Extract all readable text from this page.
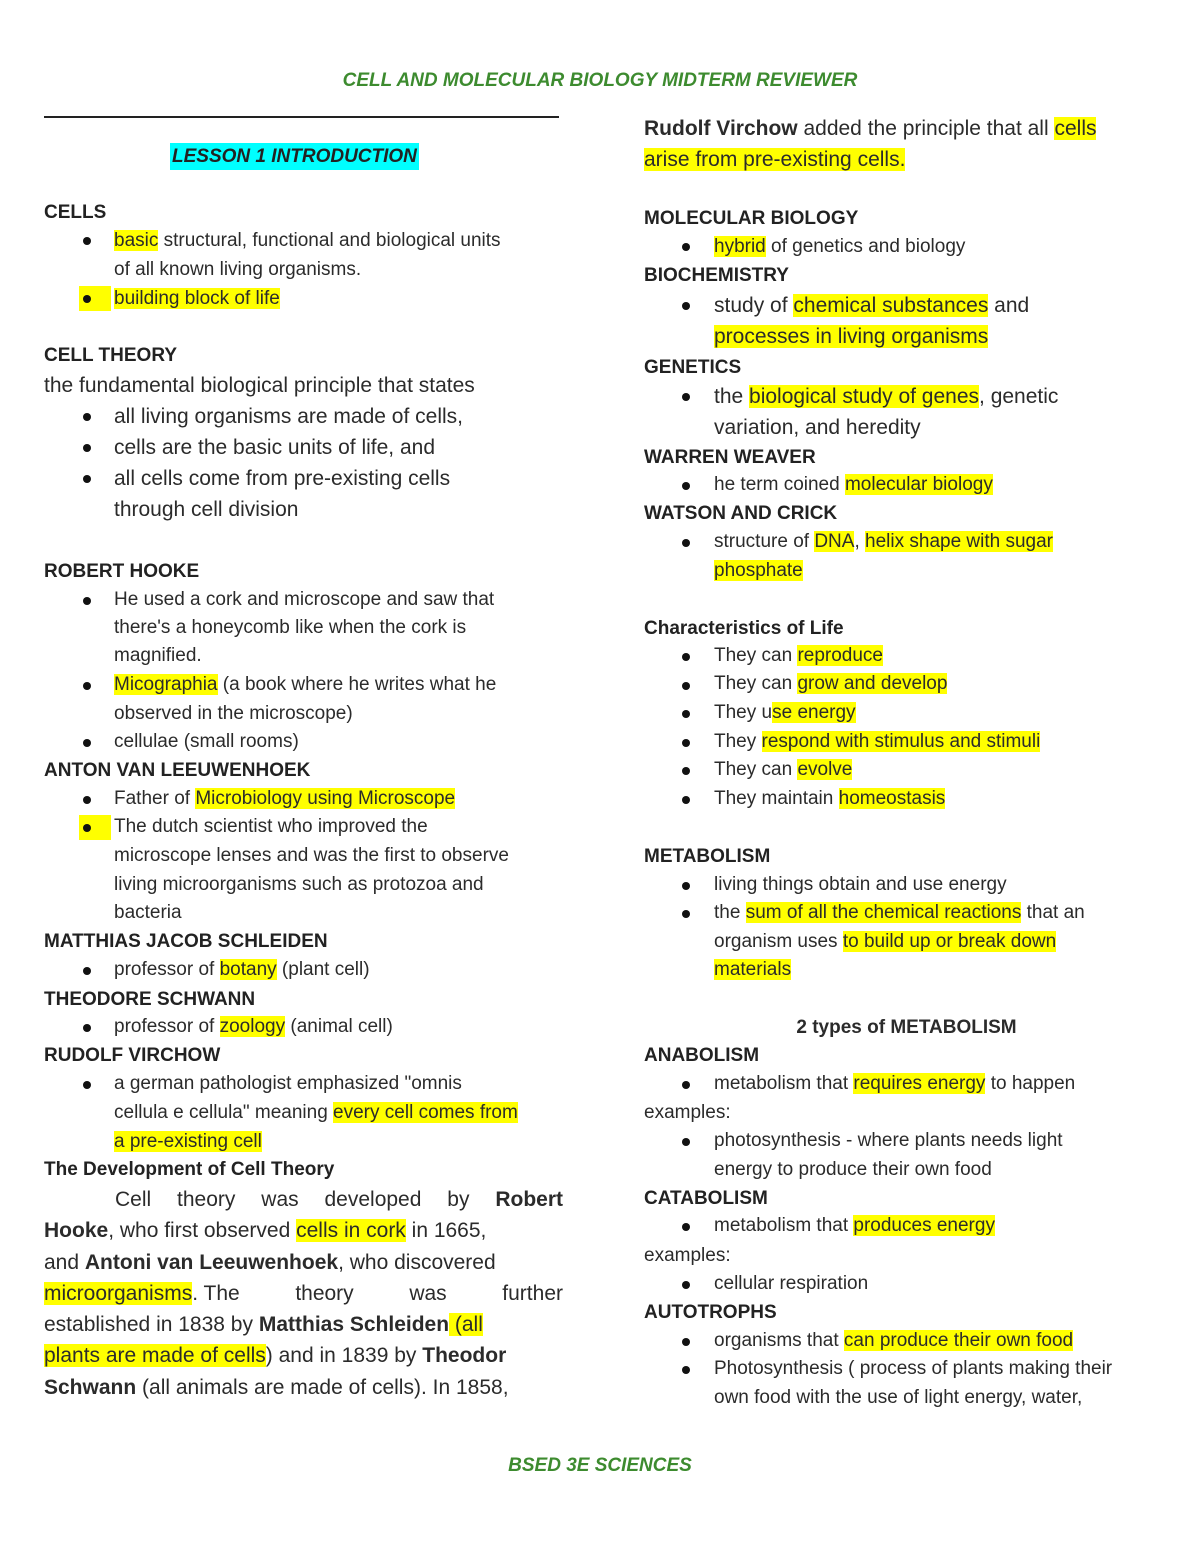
CELL AND MOLECULAR BIOLOGY MIDTERM REVIEWER
LESSON 1 INTRODUCTION
CELLS
basic structural, functional and biological units
of all known living organisms.
building block of life
CELL THEORY
the fundamental biological principle that states
all living organisms are made of cells,
cells are the basic units of life, and
all cells come from pre-existing cells
through cell division
ROBERT HOOKE
He used a cork and microscope and saw that
there's a honeycomb like when the cork is
magnified.
Micographia (a book where he writes what he
observed in the microscope)
cellulae (small rooms)
ANTON VAN LEEUWENHOEK
Father of Microbiology using Microscope
The dutch scientist who improved the
microscope lenses and was the first to observe
living microorganisms such as protozoa and
bacteria
MATTHIAS JACOB SCHLEIDEN
professor of botany (plant cell)
THEODORE SCHWANN
professor of zoology (animal cell)
RUDOLF VIRCHOW
a german pathologist emphasized "omnis
cellula e cellula" meaning every cell comes from
a pre-existing cell
The Development of Cell Theory
Cell theory was developed by Robert
Hooke, who first observed cells in cork in 1665,
and Antoni van Leeuwenhoek, who discovered
microorganisms. The	theory	was	further
established in 1838 by Matthias Schleiden (all
plants are made of cells) and in 1839 by Theodor
Schwann (all animals are made of cells). In 1858,
Rudolf Virchow added the principle that all cells
arise from pre-existing cells.
MOLECULAR BIOLOGY
hybrid of genetics and biology
BIOCHEMISTRY
study of chemical substances and
processes in living organisms
GENETICS
the biological study of genes, genetic
variation, and heredity
WARREN WEAVER
he term coined molecular biology
WATSON AND CRICK
structure of DNA, helix shape with sugar
phosphate
Characteristics of Life
They can reproduce
They can grow and develop
They use energy
They respond with stimulus and stimuli
They can evolve
They maintain homeostasis
METABOLISM
living things obtain and use energy
the sum of all the chemical reactions that an
organism uses to build up or break down
materials
2 types of METABOLISM
ANABOLISM
metabolism that requires energy to happen
examples:
photosynthesis - where plants needs light
energy to produce their own food
CATABOLISM
metabolism that produces energy
examples:
cellular respiration
AUTOTROPHS
organisms that can produce their own food
Photosynthesis ( process of plants making their
own food with the use of light energy, water,
BSED 3E SCIENCES
